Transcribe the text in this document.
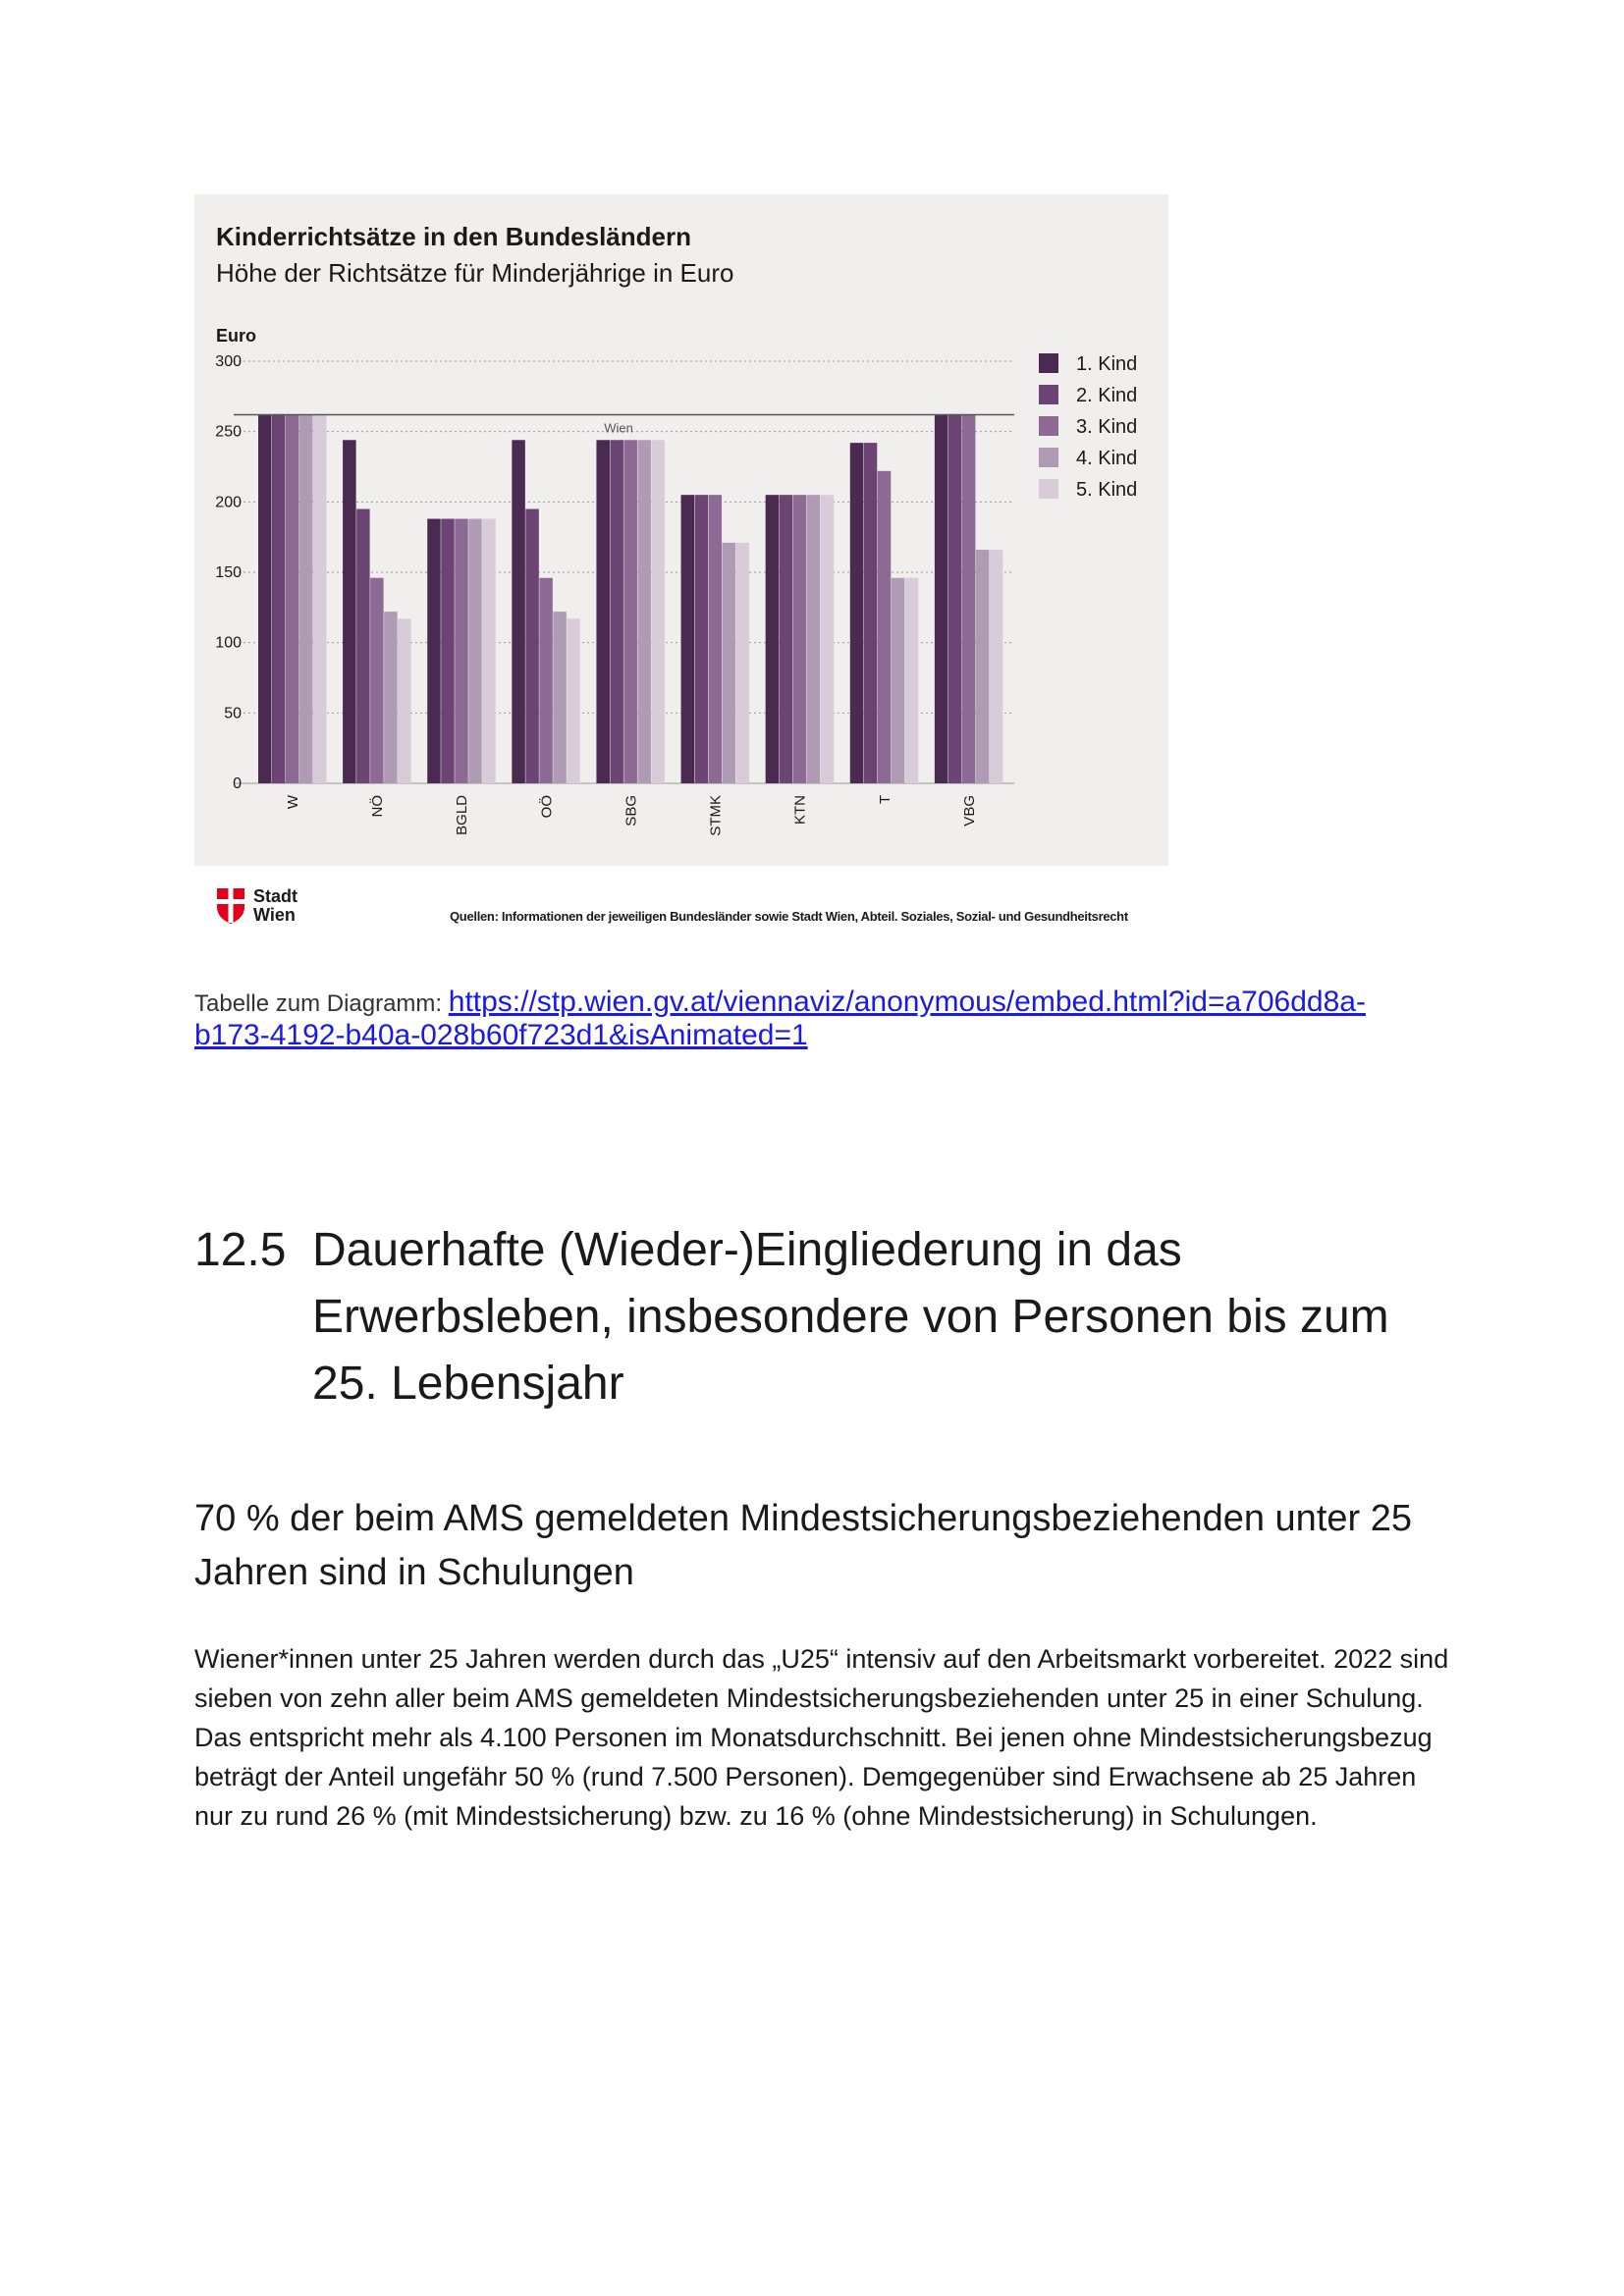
Kinderrichtsätze in den Bundesländern
Höhe der Richtsätze für Minderjährige in Euro
Euro
0
50
100
150
200
250
300
Wien
W	NÖ	BGLD	OÖ	SBG	STMK	KTN	T	VBG
1. Kind
2. Kind
3. Kind
4. Kind
5. Kind
Stadt
Wien	Quellen: Informationen der jeweiligen Bundesländer sowie Stadt Wien, Abteil. Soziales, Sozial- und Gesundheitsrecht
Tabelle zum Diagramm: https://stp.wien.gv.at/viennaviz/anonymous/embed.html?id=a706dd8a-b173-4192-b40a-028b60f723d1&isAnimated=1
12.5 Dauerhafte (Wieder-)Eingliederung in das Erwerbsleben, insbesondere von Personen bis zum 25. Lebensjahr
70 % der beim AMS gemeldeten Mindestsicherungsbeziehenden unter 25 Jahren sind in Schulungen
Wiener*innen unter 25 Jahren werden durch das „U25“ intensiv auf den Arbeitsmarkt vorbereitet. 2022 sind sieben von zehn aller beim AMS gemeldeten Mindestsicherungsbeziehenden unter 25 in einer Schulung. Das entspricht mehr als 4.100 Personen im Monatsdurchschnitt. Bei jenen ohne Mindestsicherungsbezug beträgt der Anteil ungefähr 50 % (rund 7.500 Personen). Demgegenüber sind Erwachsene ab 25 Jahren nur zu rund 26 % (mit Mindestsicherung) bzw. zu 16 % (ohne Mindestsicherung) in Schulungen.
